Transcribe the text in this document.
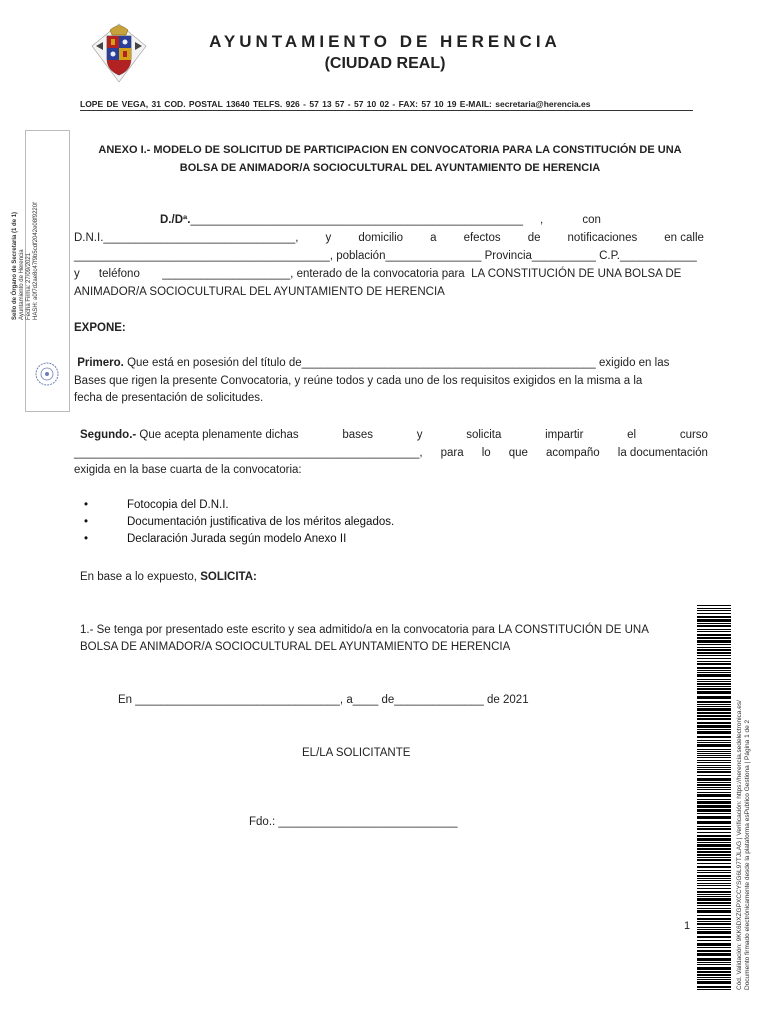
AYUNTAMIENTO DE HERENCIA
(CIUDAD REAL)
LOPE DE VEGA, 31 COD. POSTAL 13640 TELFS. 926 - 57 13 57 - 57 10 02 - FAX: 57 10 19 E-MAIL: secretaria@herencia.es
Sello de Órgano de Secretaría (1 de 1) Ayuntamiento de Herencia Fecha Firma: 27/09/2021 HASH: a0f7d2ae8c47f9b5cdf2042e08f9220f
ANEXO I.- MODELO DE SOLICITUD DE PARTICIPACION EN CONVOCATORIA PARA LA CONSTITUCIÓN DE UNA BOLSA DE ANIMADOR/A SOCIOCULTURAL DEL AYUNTAMIENTO DE HERENCIA
D./Dª.____________________________________________________ , con
D.N.I.______________________________, y domicilio a efectos de notificaciones en calle
________________________________________, población_______________ Provincia__________ C.P.____________
y      teléfono ____________________, enterado de la convocatoria para  LA CONSTITUCIÓN DE UNA BOLSA DE
ANIMADOR/A SOCIOCULTURAL DEL AYUNTAMIENTO DE HERENCIA
EXPONE:
Primero. Que está en posesión del título de______________________________________________ exigido en las
Bases que rigen la presente Convocatoria, y reúne todos y cada uno de los requisitos exigidos en la misma a la
fecha de presentación de solicitudes.
Segundo.- Que acepta plenamente dichas	bases	y	solicita	impartir	el	curso
______________________________________________________, para lo que acompaño la documentación
exigida en la base cuarta de la convocatoria:
•	Fotocopia del D.N.I.
•	Documentación justificativa de los méritos alegados.
•	Declaración Jurada según modelo Anexo II
En base a lo expuesto, SOLICITA:
1.- Se tenga por presentado este escrito y sea admitido/a en la convocatoria para LA CONSTITUCIÓN DE UNA
BOLSA DE ANIMADOR/A SOCIOCULTURAL DEL AYUNTAMIENTO DE HERENCIA
En ________________________________, a____ de______________ de 2021
EL/LA SOLICITANTE
Fdo.: ____________________________	Cód. Validación: 9KK6DXZGPXCCYSG6L97TJLAG | Verificación: https://herencia.sedelectronica.es/ Documento firmado electrónicamente desde la plataforma esPublico Gestiona | Página 1 de 2
1
